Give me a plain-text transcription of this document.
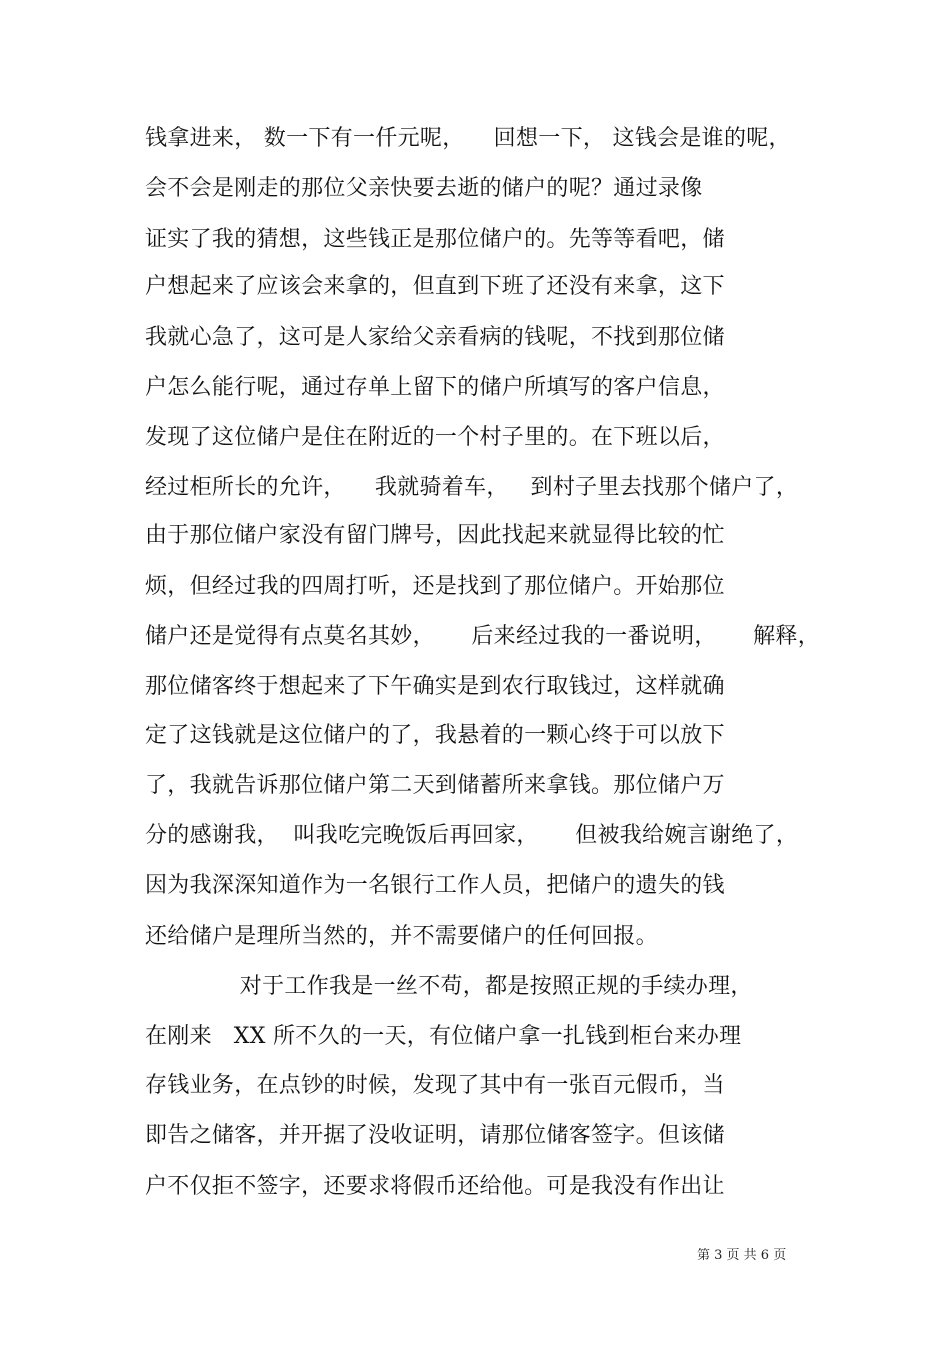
钱拿进来， 数一下有一仟元呢，    回想一下， 这钱会是谁的呢，
会不会是刚走的那位父亲快要去逝的储户的呢？通过录像
证实了我的猜想，这些钱正是那位储户的。先等等看吧，储
户想起来了应该会来拿的，但直到下班了还没有来拿，这下
我就心急了，这可是人家给父亲看病的钱呢，不找到那位储
户怎么能行呢，通过存单上留下的储户所填写的客户信息，
发现了这位储户是住在附近的一个村子里的。在下班以后，
经过柜所长的允许，    我就骑着车，   到村子里去找那个储户了，
由于那位储户家没有留门牌号，因此找起来就显得比较的忙
烦，但经过我的四周打听，还是找到了那位储户。开始那位
储户还是觉得有点莫名其妙，     后来经过我的一番说明，     解释，
那位储客终于想起来了下午确实是到农行取钱过，这样就确
定了这钱就是这位储户的了，我悬着的一颗心终于可以放下
了，我就告诉那位储户第二天到储蓄所来拿钱。那位储户万
分的感谢我，  叫我吃完晚饭后再回家，     但被我给婉言谢绝了，
因为我深深知道作为一名银行工作人员，把储户的遗失的钱
还给储户是理所当然的，并不需要储户的任何回报。
对于工作我是一丝不苟，都是按照正规的手续办理，
在刚来   XX 所不久的一天，有位储户拿一扎钱到柜台来办理
存钱业务，在点钞的时候，发现了其中有一张百元假币，当
即告之储客，并开据了没收证明，请那位储客签字。但该储
户不仅拒不签字，还要求将假币还给他。可是我没有作出让
第 3 页 共 6 页
